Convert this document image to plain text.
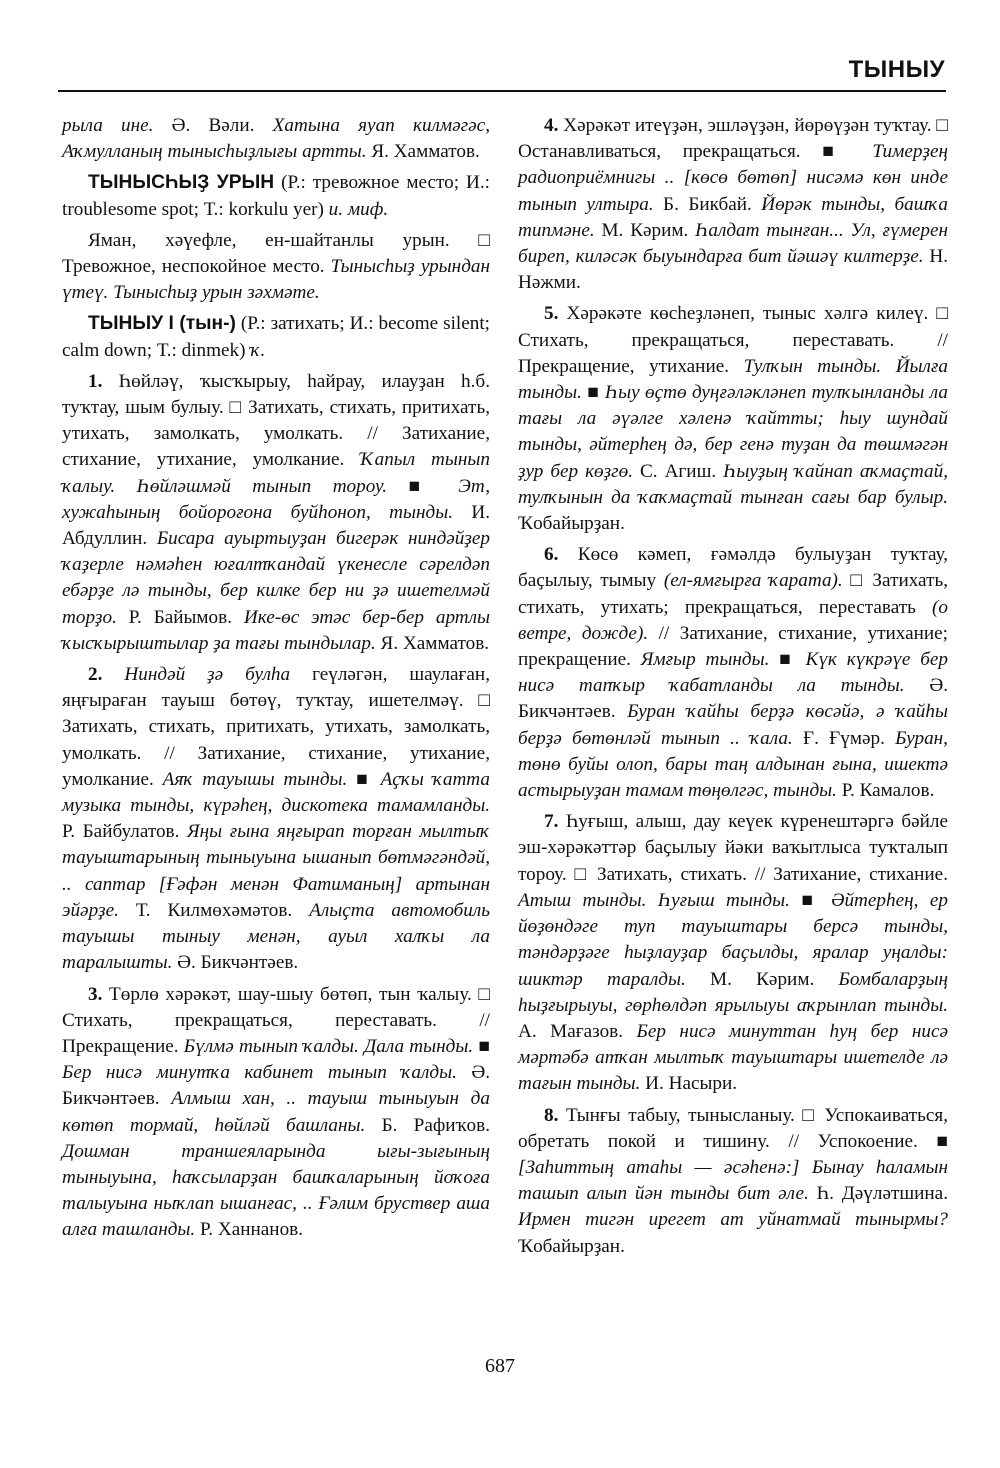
ТЫНЫУ

рыла ине. Ә. Вәли. Хатына яуап килмәгәс, Аҡмулланың тынысһыҙлығы артты. Я. Хамматов.

ТЫНЫСҺЫҘ УРЫН (Р.: тревожное место; И.: troublesome spot; Т.: korkulu yer) и. миф.

Яман, хәүефле, ен-шайтанлы урын. □ Тревожное, неспокойное место. Тынысһыҙ урындан үтеү. Тынысһыҙ урын зәхмәте.

ТЫНЫУ I (тын-) (Р.: затихать; И.: become silent; calm down; Т.: dinmek) ҡ.

1. Һөйләү, ҡысҡырыу, һайрау, илауҙан һ.б. туҡтау, шым булыу. □ Затихать, стихать, притихать, утихать, замолкать, умолкать. // Затихание, стихание, утихание, умолкание. Ҡапыл тынып ҡалыу. Һөйләшмәй тынып тороу. ■ Эт, хужаһының бойороғона буйһоноп, тынды. И. Абдуллин. Бисара ауыртыуҙан бигерәк ниндәйҙер ҡаҙерле нәмәһен юғалтҡандай үкенесле сәрелдәп ебәрҙе лә тынды, бер килке бер ни ҙә ишетелмәй торҙо. Р. Байымов. Ике-өс этәс бер-бер артлы ҡысҡырыштылар ҙа тағы тындылар. Я. Хамматов.

2. Ниндәй ҙә булһа геүләгән, шаулаған, яңғыраған тауыш бөтөү, туҡтау, ишетелмәү. □ Затихать, стихать, притихать, утихать, замолкать, умолкать. // Затихание, стихание, утихание, умолкание. Аяҡ тауышы тынды. ■ Аҫҡы ҡатта музыка тынды, күрәһең, дискотека тамамланды. Р. Байбулатов. Яңы ғына яңғырап торған мылтыҡ тауыштарының тыныуына ышанып бөтмәгәндәй, .. саптар [Ғәфән менән Фатиманың] артынан эйәрҙе. Т. Килмөхәмәтов. Алыҫта автомобиль тауышы тыныу менән, ауыл халҡы ла таралышты. Ә. Бикчәнтәев.

3. Төрлө хәрәкәт, шау-шыу бөтөп, тын ҡалыу. □ Стихать, прекращаться, переставать. // Прекращение. Бүлмә тынып ҡалды. Дала тынды. ■ Бер нисә минутҡа кабинет тынып ҡалды. Ә. Бикчәнтәев. Алмыш хан, .. тауыш тыныуын да көтөп тормай, һөйләй башланы. Б. Рафиҡов. Дошман траншеяларында ығы-зығының тыныуына, һаҡсыларҙан башҡаларының йоҡоға талыуына ныҡлап ышанғас, .. Ғәлим бруствер аша алға ташланды. Р. Ханнанов.

4. Хәрәкәт итеүҙән, эшләүҙән, йөрөүҙән туҡтау. □ Останавливаться, прекращаться. ■ Тимерҙең радиоприёмнигы .. [көсө бөтөп] нисәмә көн инде тынып ултыра. Б. Бикбай. Йөрәк тынды, башҡа типмәне. М. Кәрим. Һалдат тынған... Ул, ғүмерен биреп, киләсәк быуындарға бит йәшәү килтерҙе. Н. Нәжми.

5. Хәрәкәте көсһеҙләнеп, тыныс хәлгә килеү. □ Стихать, прекращаться, переставать. // Прекращение, утихание. Тулҡын тынды. Йылға тынды. ■ Һыу өҫтө дуңғәләкләнеп тулҡынланды ла тағы ла әүәлге хәленә ҡайтты; һыу шундай тынды, әйтерһең дә, бер генә туҙан да төшмәгән ҙур бер көҙгө. С. Агиш. Һыуҙың ҡайнап аҡмаҫтай, тулҡынын да ҡаҡмаҫтай тынған сағы бар булыр. Ҡобайырҙан.

6. Көсө кәмеп, ғәмәлдә булыуҙан туҡтау, баҫылыу, тымыу (ел-ямғырға ҡарата). □ Затихать, стихать, утихать; прекращаться, переставать (о ветре, дожде). // Затихание, стихание, утихание; прекращение. Ямғыр тынды. ■ Күк күкрәүе бер нисә тапҡыр ҡабатланды ла тынды. Ә. Бикчәнтәев. Буран ҡайһы берҙә көсәйә, ә ҡайһы берҙә бөтөнләй тынып .. ҡала. Ғ. Ғүмәр. Буран, төнө буйы олоп, бары таң алдынан ғына, ишектә астырыуҙан тамам төңөлгәс, тынды. Р. Камалов.

7. Һуғыш, алыш, дау кеүек күренештәргә бәйле эш-хәрәкәттәр баҫылыу йәки ваҡытлыса туҡталып тороу. □ Затихать, стихать. // Затихание, стихание. Атыш тынды. Һуғыш тынды. ■ Әйтерһең, ер йөҙөндәге туп тауыштары берсә тынды, тәндәрҙәге һыҙлауҙар баҫылды, яралар уңалды: шиктәр таралды. М. Кәрим. Бомбаларҙың һыҙғырыуы, гөрһөлдәп ярылыуы аҡрынлап тынды. А. Мағазов. Бер нисә минуттан һуң бер нисә мәртәбә атҡан мылтыҡ тауыштары ишетелде лә тағын тынды. И. Насыри.

8. Тынғы табыу, тынысланыу. □ Успокаиваться, обретать покой и тишину. // Успокоение. ■ [Заһиттың атаһы — әсәһенә:] Бынау һаламын ташып алып йән тынды бит әле. Һ. Дәүләтшина. Ирмен тигән ирегет ат уйнатмай тынырмы? Ҡобайырҙан.

687
